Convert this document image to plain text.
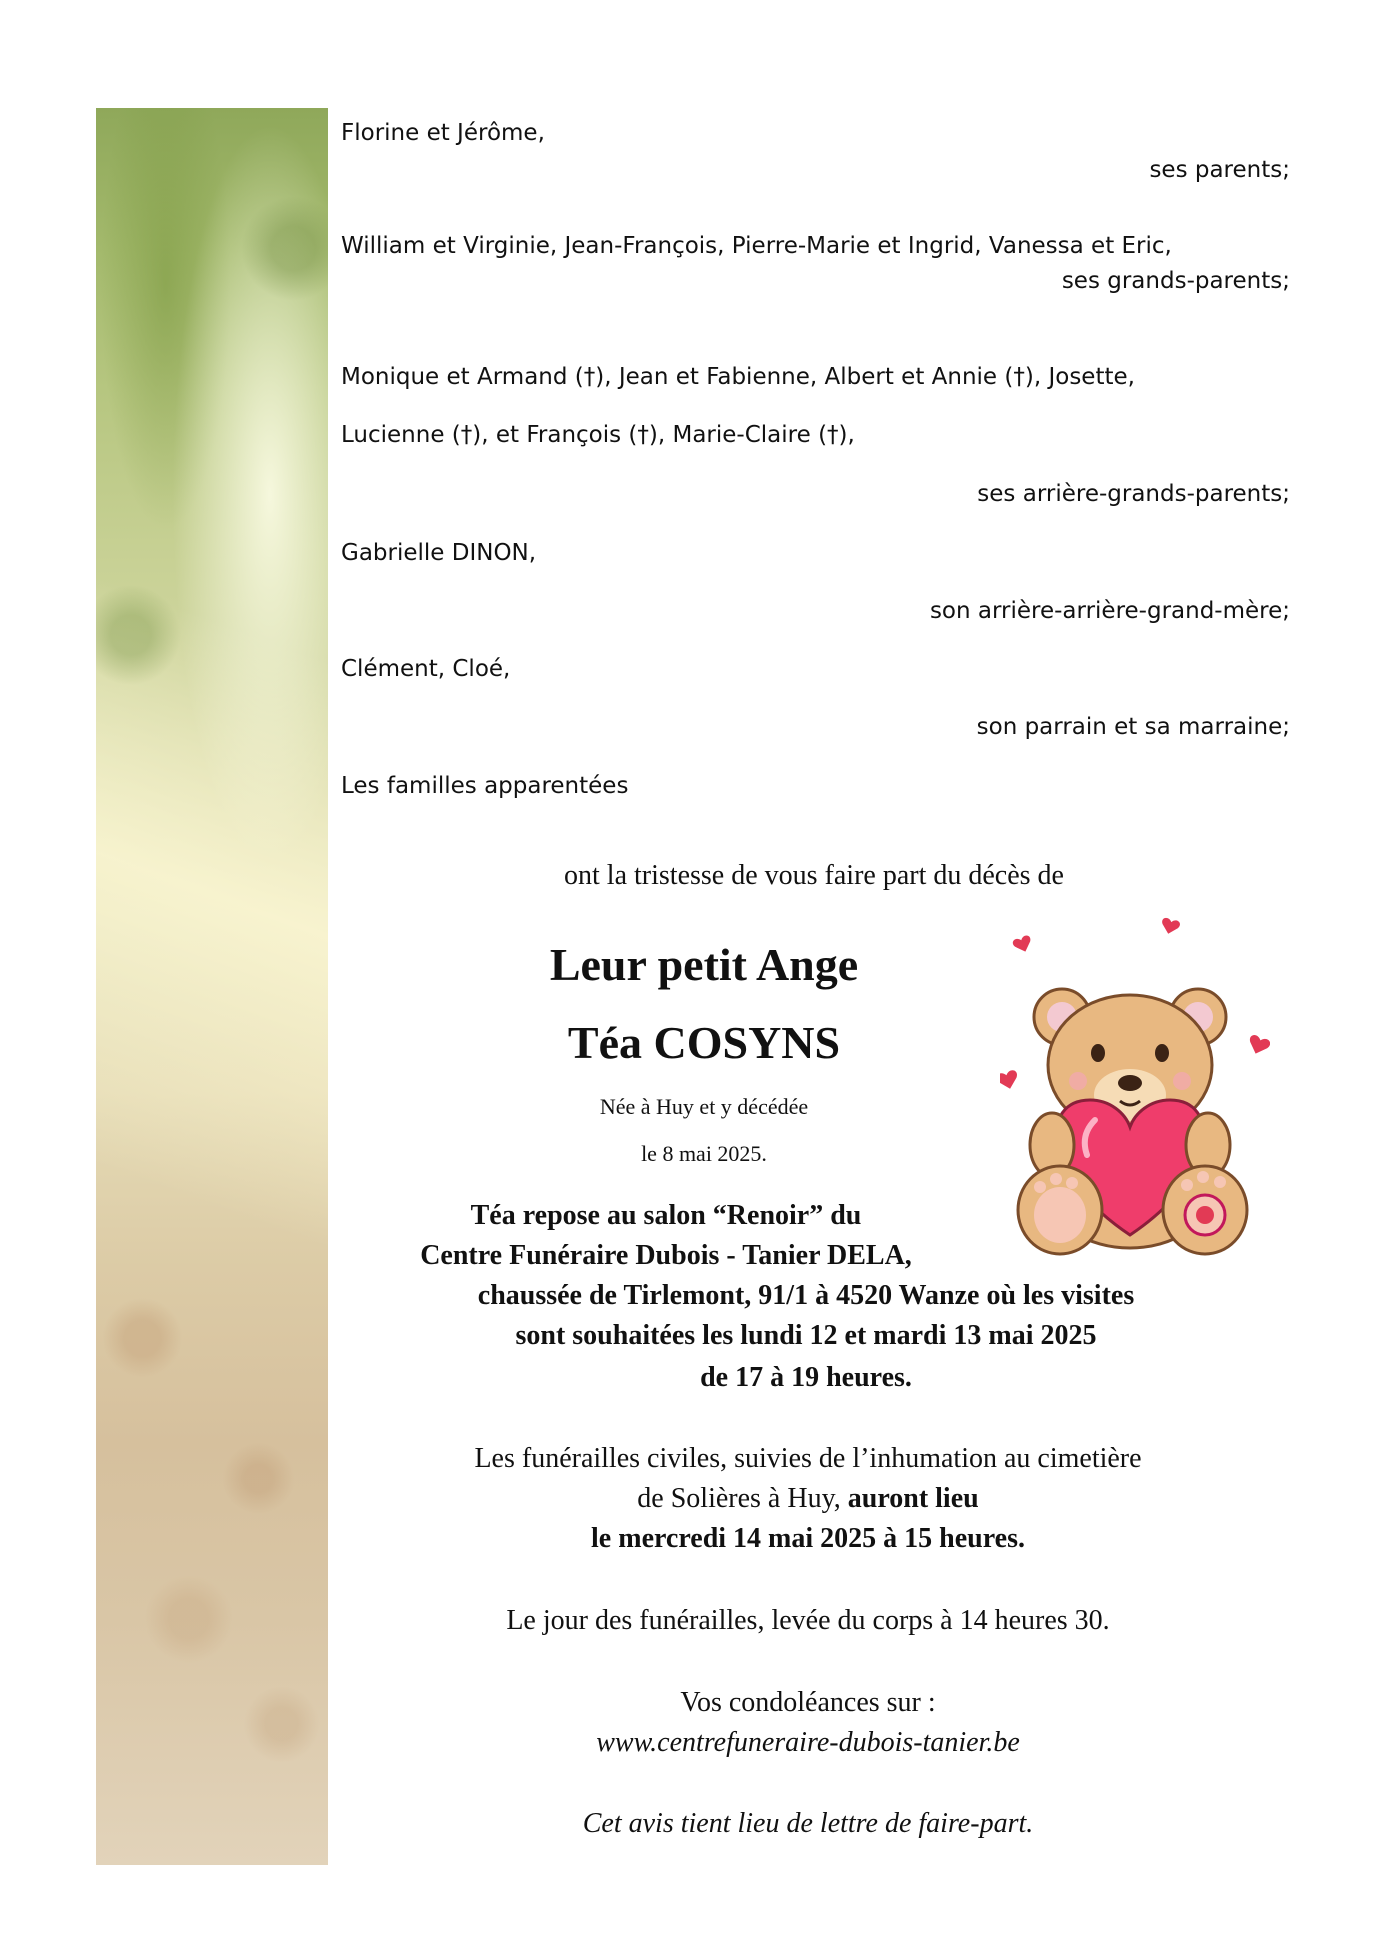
Florine et Jérôme,
ses parents;
William et Virginie, Jean-François, Pierre-Marie et Ingrid, Vanessa et Eric,
ses grands-parents;
Monique et Armand (†), Jean et Fabienne, Albert et Annie (†), Josette,
Lucienne (†), et François (†), Marie-Claire (†),
ses arrière-grands-parents;
Gabrielle DINON,
son arrière-arrière-grand-mère;
Clément, Cloé,
son parrain et sa marraine;
Les familles apparentées
ont la tristesse de vous faire part du décès de
Leur petit Ange
Téa COSYNS
Née à Huy et y décédée
le 8 mai 2025.
Téa repose au salon “Renoir” du
Centre Funéraire Dubois - Tanier DELA,
chaussée de Tirlemont, 91/1 à 4520 Wanze où les visites
sont souhaitées les lundi 12 et mardi 13 mai 2025
de 17 à 19 heures.
Les funérailles civiles, suivies de l’inhumation au cimetière
de Solières à Huy, auront lieu
le mercredi 14 mai 2025 à 15 heures.
Le jour des funérailles, levée du corps à 14 heures 30.
Vos condoléances sur :
www.centrefuneraire-dubois-tanier.be
Cet avis tient lieu de lettre de faire-part.
